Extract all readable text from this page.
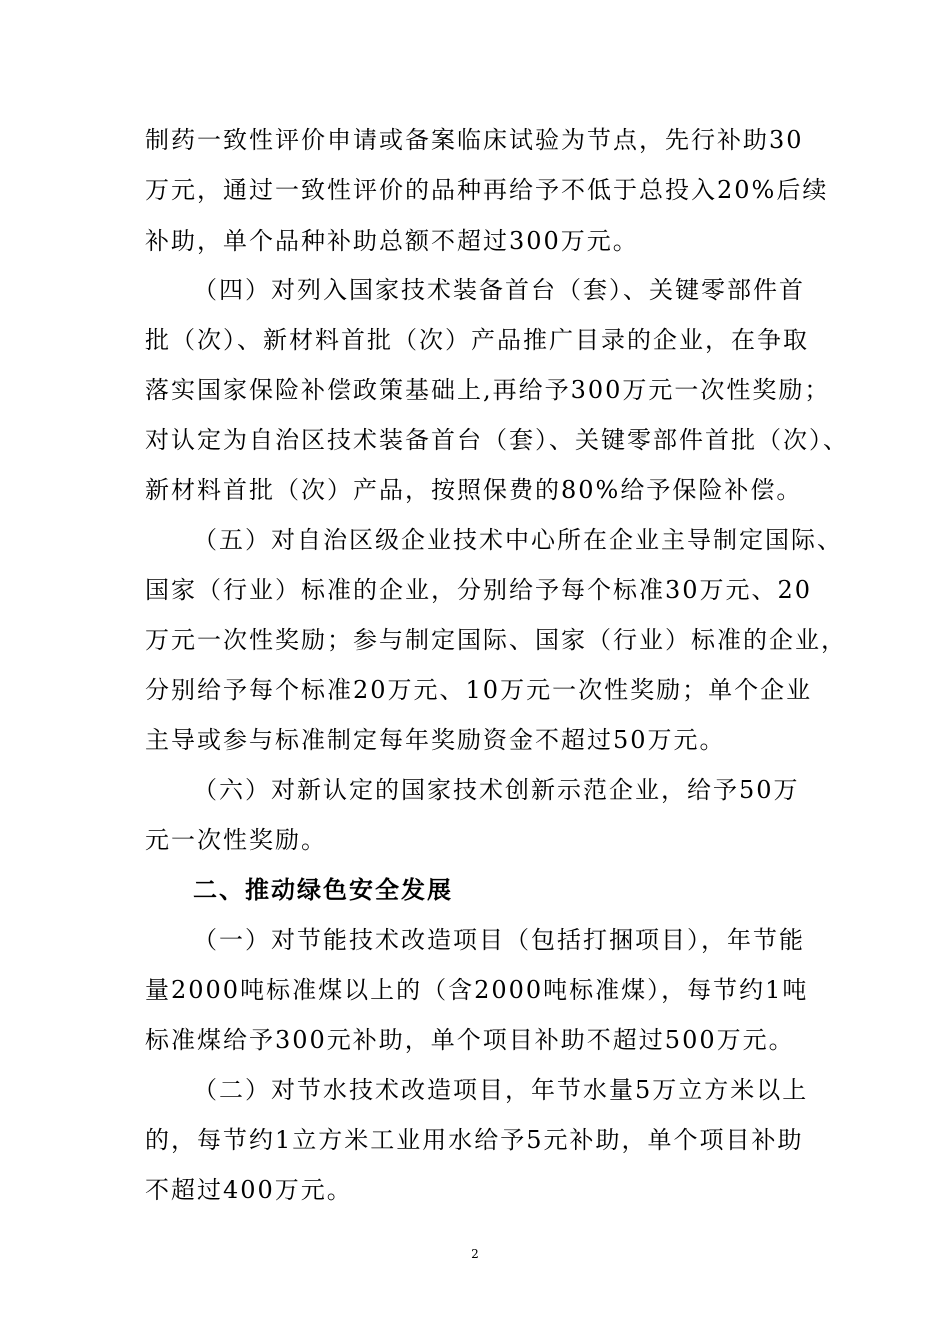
制药一致性评价申请或备案临床试验为节点，先行补助30
万元，通过一致性评价的品种再给予不低于总投入20%后续
补助，单个品种补助总额不超过300万元。
（四）对列入国家技术装备首台（套）、关键零部件首
批（次）、新材料首批（次）产品推广目录的企业，在争取
落实国家保险补偿政策基础上,再给予300万元一次性奖励；
对认定为自治区技术装备首台（套）、关键零部件首批（次）、
新材料首批（次）产品，按照保费的80%给予保险补偿。
（五）对自治区级企业技术中心所在企业主导制定国际、
国家（行业）标准的企业，分别给予每个标准30万元、20
万元一次性奖励；参与制定国际、国家（行业）标准的企业，
分别给予每个标准20万元、10万元一次性奖励；单个企业
主导或参与标准制定每年奖励资金不超过50万元。
（六）对新认定的国家技术创新示范企业，给予50万
元一次性奖励。
二、推动绿色安全发展
（一）对节能技术改造项目（包括打捆项目），年节能
量2000吨标准煤以上的（含2000吨标准煤），每节约1吨
标准煤给予300元补助，单个项目补助不超过500万元。
（二）对节水技术改造项目，年节水量5万立方米以上
的，每节约1立方米工业用水给予5元补助，单个项目补助
不超过400万元。
2
